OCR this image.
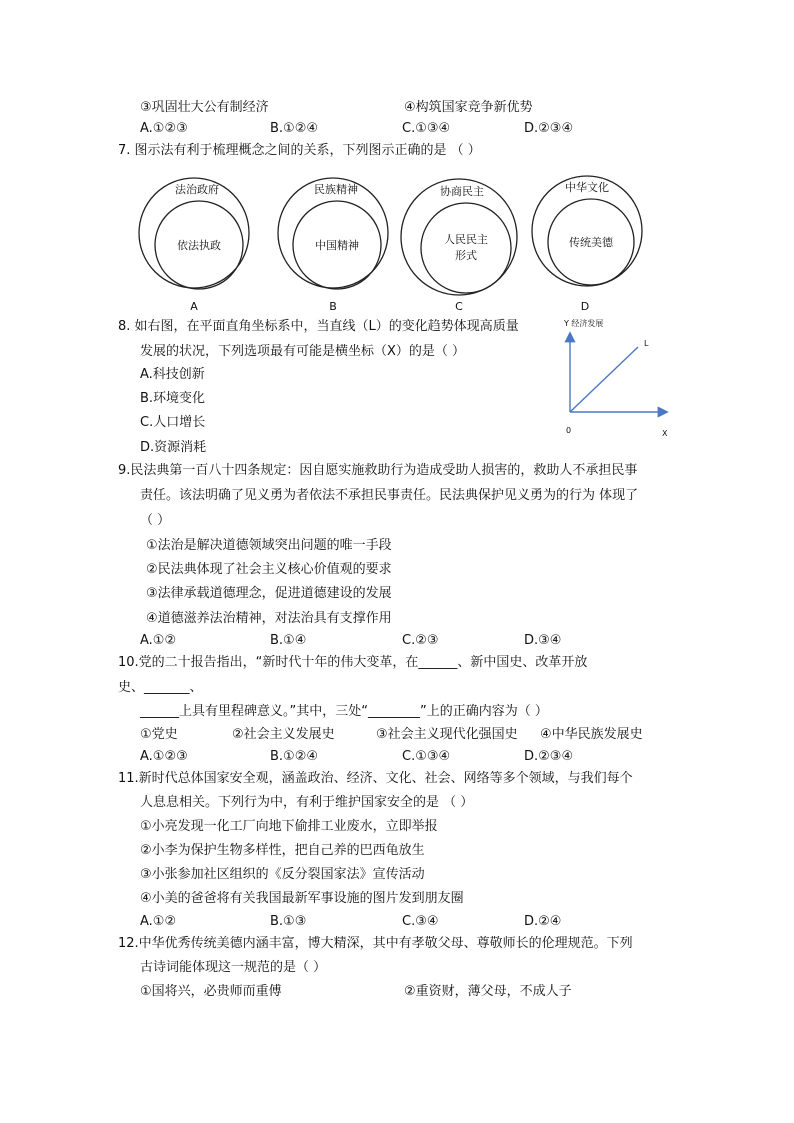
③巩固壮大公有制经济	④构筑国家竞争新优势
A.①②③	B.①②④	C.①③④	D.②③④
7. 图示法有利于梳理概念之间的关系，下列图示正确的是 （ ）
法治政府
依法执政
民族精神
中国精神
协商民主
人民民主
形式
中华文化
传统美德
A	B	C	D
8. 如右图，在平面直角坐标系中，当直线（L）的变化趋势体现高质量
发展的状况，下列选项最有可能是横坐标（X）的是（ ）
A.科技创新
B.环境变化
C.人口增长
D.资源消耗
Y 经济发展
L
0	X
9.民法典第一百八十四条规定：因自愿实施救助行为造成受助人损害的，救助人不承担民事
责任。该法明确了见义勇为者依法不承担民事责任。民法典保护见义勇为的行为 体现了
（ ）
①法治是解决道德领域突出问题的唯一手段
②民法典体现了社会主义核心价值观的要求
③法律承载道德理念，促进道德建设的发展
④道德滋养法治精神，对法治具有支撑作用
A.①②	B.①④	C.②③	D.③④
10.党的二十报告指出，“新时代十年的伟大变革，在______、新中国史、改革开放
史、_______、
______上具有里程碑意义。”其中，三处“________”上的正确内容为（ ）
①党史	②社会主义发展史	③社会主义现代化强国史 ④中华民族发展史
A.①②③	B.①②④	C.①③④	D.②③④
11.新时代总体国家安全观，涵盖政治、经济、文化、社会、网络等多个领域，与我们每个
人息息相关。下列行为中，有利于维护国家安全的是 （ ）
①小亮发现一化工厂向地下偷排工业废水，立即举报
②小李为保护生物多样性，把自己养的巴西龟放生
③小张参加社区组织的《反分裂国家法》宣传活动
④小美的爸爸将有关我国最新军事设施的图片发到朋友圈
A.①②	B.①③	C.③④	D.②④
12.中华优秀传统美德内涵丰富，博大精深，其中有孝敬父母、尊敬师长的伦理规范。下列
古诗词能体现这一规范的是（ ）
①国将兴，必贵师而重傅	②重资财，薄父母，不成人子
